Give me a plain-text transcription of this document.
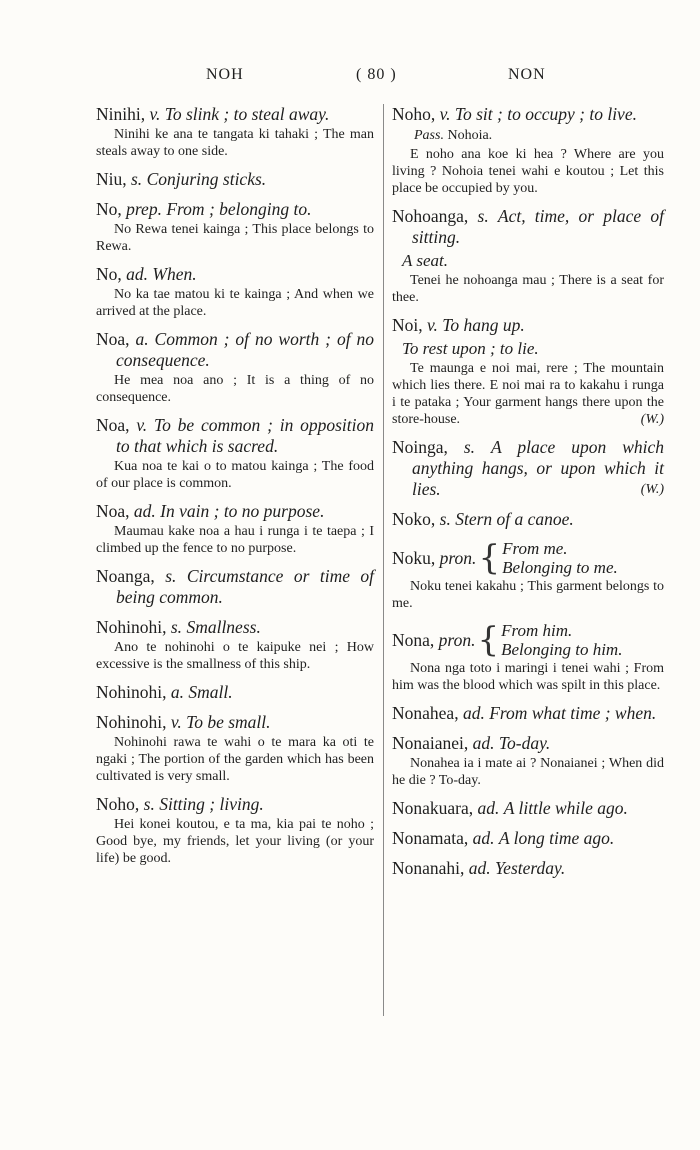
NOH	( 80 )	NON
Ninihi, v. To slink ; to steal away.
Ninihi ke ana te tangata ki tahaki ; The man steals away to one side.
Niu, s. Conjuring sticks.
No, prep. From ; belonging to.
No Rewa tenei kainga ; This place belongs to Rewa.
No, ad. When.
No ka tae matou ki te kainga ; And when we arrived at the place.
Noa, a. Common ; of no worth ; of no consequence.
He mea noa ano ; It is a thing of no consequence.
Noa, v. To be common ; in opposition to that which is sacred.
Kua noa te kai o to matou kainga ; The food of our place is common.
Noa, ad. In vain ; to no purpose.
Maumau kake noa a hau i runga i te taepa ; I climbed up the fence to no purpose.
Noanga, s. Circumstance or time of being common.
Nohinohi, s. Smallness.
Ano te nohinohi o te kaipuke nei ; How excessive is the smallness of this ship.
Nohinohi, a. Small.
Nohinohi, v. To be small.
Nohinohi rawa te wahi o te mara ka oti te ngaki ; The portion of the garden which has been cultivated is very small.
Noho, s. Sitting ; living.
Hei konei koutou, e ta ma, kia pai te noho ; Good bye, my friends, let your living (or your life) be good.
Noho, v. To sit ; to occupy ; to live.
Pass. Nohoia.
E noho ana koe ki hea ? Where are you living ? Nohoia tenei wahi e koutou ; Let this place be occupied by you.
Nohoanga, s. Act, time, or place of sitting.
A seat.
Tenei he nohoanga mau ; There is a seat for thee.
Noi, v. To hang up.
To rest upon ; to lie.
Te maunga e noi mai, rere ; The mountain which lies there. E noi mai ra to kakahu i runga i te pataka ; Your garment hangs there upon the store-house.	(W.)
Noinga, s. A place upon which anything hangs, or upon which it lies.	(W.)
Noko, s. Stern of a canoe.
Noku, pron. { From me.
Belonging to me.
Noku tenei kakahu ; This garment belongs to me.
Nona, pron. { From him.
Belonging to him.
Nona nga toto i maringi i tenei wahi ; From him was the blood which was spilt in this place.
Nonahea, ad. From what time ; when.
Nonaianei, ad. To-day.
Nonahea ia i mate ai ? Nonaianei ; When did he die ? To-day.
Nonakuara, ad. A little while ago.
Nonamata, ad. A long time ago.
Nonanahi, ad. Yesterday.
